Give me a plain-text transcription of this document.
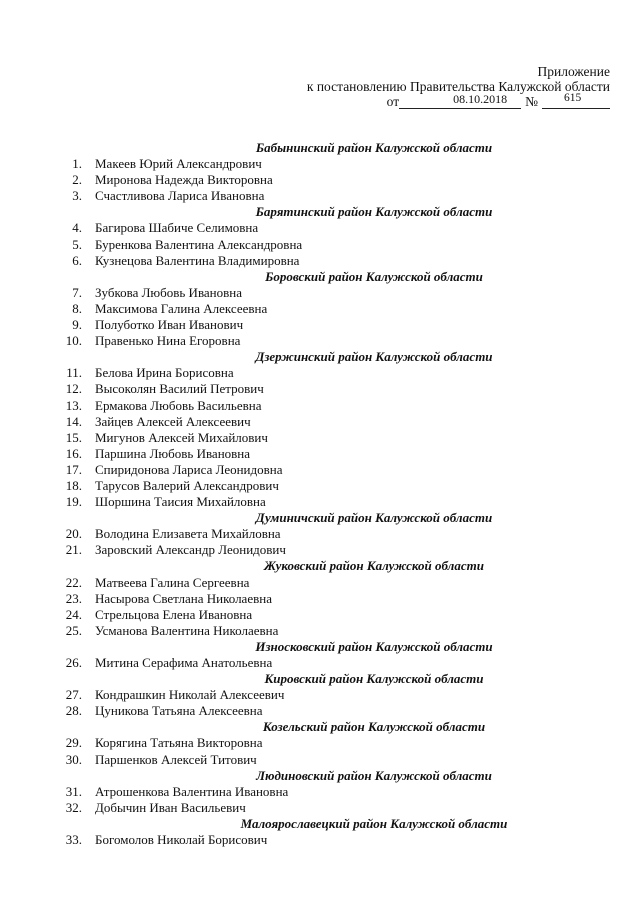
Приложение
к постановлению Правительства Калужской области
от	08.10.2018 № 615
Бабынинский район Калужской области
1. Макеев Юрий Александрович
2. Миронова Надежда Викторовна
3. Счастливова Лариса Ивановна
Барятинский район Калужской области
4. Багирова Шабиче Селимовна
5. Буренкова Валентина Александровна
6. Кузнецова Валентина Владимировна
Боровский район Калужской области
7. Зубкова Любовь Ивановна
8. Максимова Галина Алексеевна
9. Полуботко Иван Иванович
10. Правенько Нина Егоровна
Дзержинский район Калужской области
11. Белова Ирина Борисовна
12. Высоколян Василий Петрович
13. Ермакова Любовь Васильевна
14. Зайцев Алексей Алексеевич
15. Мигунов Алексей Михайлович
16. Паршина Любовь Ивановна
17. Спиридонова Лариса Леонидовна
18. Тарусов Валерий Александрович
19. Шоршина Таисия Михайловна
Думиничский район Калужской области
20. Володина Елизавета Михайловна
21. Заровский Александр Леонидович
Жуковский район Калужской области
22. Матвеева Галина Сергеевна
23. Насырова Светлана Николаевна
24. Стрельцова Елена Ивановна
25. Усманова Валентина Николаевна
Износковский район Калужской области
26. Митина Серафима Анатольевна
Кировский район Калужской области
27. Кондрашкин Николай Алексеевич
28. Цуникова Татьяна Алексеевна
Козельский район Калужской области
29. Корягина Татьяна Викторовна
30. Паршенков Алексей Титович
Людиновский район Калужской области
31. Атрошенкова Валентина Ивановна
32. Добычин Иван Васильевич
Малоярославецкий район Калужской области
33. Богомолов Николай Борисович
